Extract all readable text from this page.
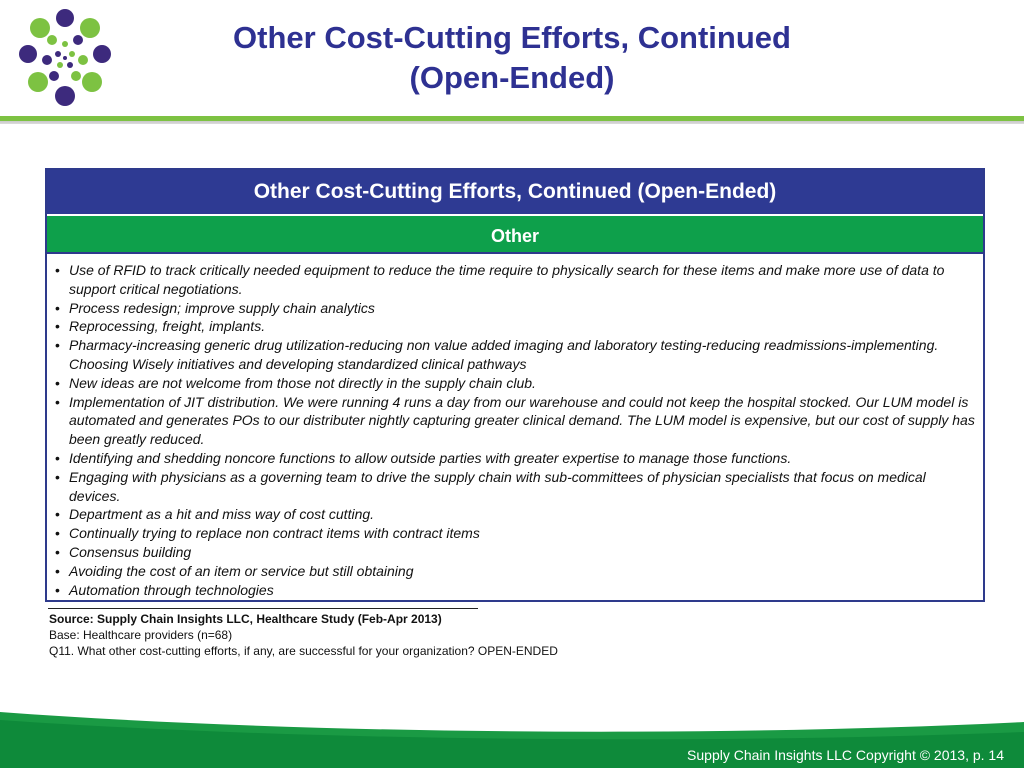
Other Cost-Cutting Efforts, Continued
(Open-Ended)
Other Cost-Cutting Efforts, Continued (Open-Ended)
Other
• Use of RFID to track critically needed equipment to reduce the time require to physically search for these items and make more use of data to support critical negotiations.
• Process redesign; improve supply chain analytics
• Reprocessing, freight, implants.
• Pharmacy-increasing generic drug utilization-reducing non value added imaging and laboratory testing-reducing readmissions-implementing. Choosing Wisely initiatives and developing standardized clinical pathways
• New ideas are not welcome from those not directly in the supply chain club.
• Implementation of JIT distribution. We were running 4 runs a day from our warehouse and could not keep the hospital stocked. Our LUM model is automated and generates POs to our distributer nightly capturing greater clinical demand. The LUM model is expensive, but our cost of supply has been greatly reduced.
• Identifying and shedding noncore functions to allow outside parties with greater expertise to manage those functions.
• Engaging with physicians as a governing team to drive the supply chain with sub-committees of physician specialists that focus on medical devices.
• Department as a hit and miss way of cost cutting.
• Continually trying to replace non contract items with contract items
• Consensus building
• Avoiding the cost of an item or service but still obtaining
• Automation through technologies
Source: Supply Chain Insights LLC, Healthcare Study (Feb-Apr 2013)
Base: Healthcare providers (n=68)
Q11. What other cost-cutting efforts, if any, are successful for your organization? OPEN-ENDED
Supply Chain Insights LLC Copyright © 2013, p. 14
